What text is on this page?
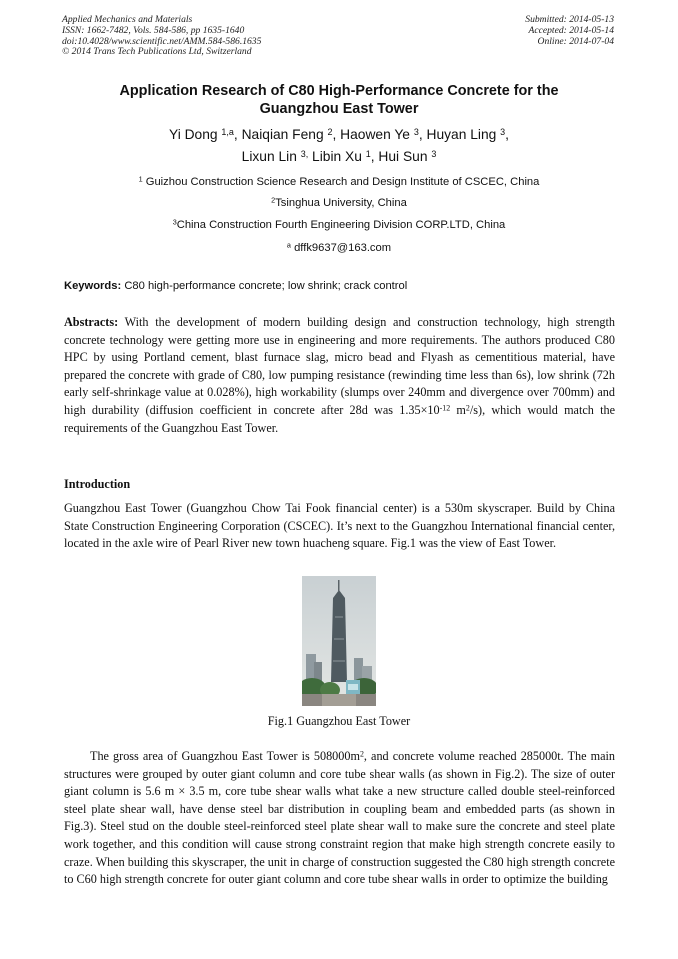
Applied Mechanics and Materials
ISSN: 1662-7482, Vols. 584-586, pp 1635-1640
doi:10.4028/www.scientific.net/AMM.584-586.1635
© 2014 Trans Tech Publications Ltd, Switzerland
Submitted: 2014-05-13
Accepted: 2014-05-14
Online: 2014-07-04
Application Research of C80 High-Performance Concrete for the
Guangzhou East Tower
Yi Dong $^{1,a}$, Naiqian Feng $^2$, Haowen Ye $^3$, Huyan Ling $^3$,
Lixun Lin $^{3,}$ Libin Xu $^1$, Hui Sun $^3$
$^1$ Guizhou Construction Science Research and Design Institute of CSCEC, China
$^2$Tsinghua University, China
$^3$China Construction Fourth Engineering Division CORP.LTD, China
$^a$ dffk9637@163.com
Keywords: C80 high-performance concrete; low shrink; crack control

Abstracts: With the development of modern building design and construction technology, high strength concrete technology were getting more use in engineering and more requirements. The authors produced C80 HPC by using Portland cement, blast furnace slag, micro bead and Flyash as cementitious material, have prepared the concrete with grade of C80, low pumping resistance (rewinding time less than 6s), low shrink (72h early self-shrinkage value at 0.028%), high workability (slumps over 240mm and divergence over 700mm) and high durability (diffusion coefficient in concrete after 28d was $1.35\times 10^{-12}$ $m^2/s$), which would match the requirements of the Guangzhou East Tower.

Introduction

Guangzhou East Tower (Guangzhou Chow Tai Fook financial center) is a 530m skyscraper. Build by China State Construction Engineering Corporation (CSCEC). It’s next to the Guangzhou International financial center, located in the axle wire of Pearl River new town huacheng square. Fig.1 was the view of East Tower.

Fig.1 Guangzhou East Tower

The gross area of Guangzhou East Tower is $508000m^2$, and concrete volume reached 285000t. The main structures were grouped by outer giant column and core tube shear walls (as shown in Fig.2). The size of outer giant column is 5.6 m × 3.5 m, core tube shear walls what take a new structure called double steel-reinforced steel plate shear wall, have dense steel bar distribution in coupling beam and embedded parts (as shown in Fig.3). Steel stud on the double steel-reinforced steel plate shear wall to make sure the concrete and steel plate work together, and this condition will cause strong constraint region that make high strength concrete easily to craze. When building this skyscraper, the unit in charge of construction suggested the C80 high strength concrete to C60 high strength concrete for outer giant column and core tube shear walls in order to optimize the building
